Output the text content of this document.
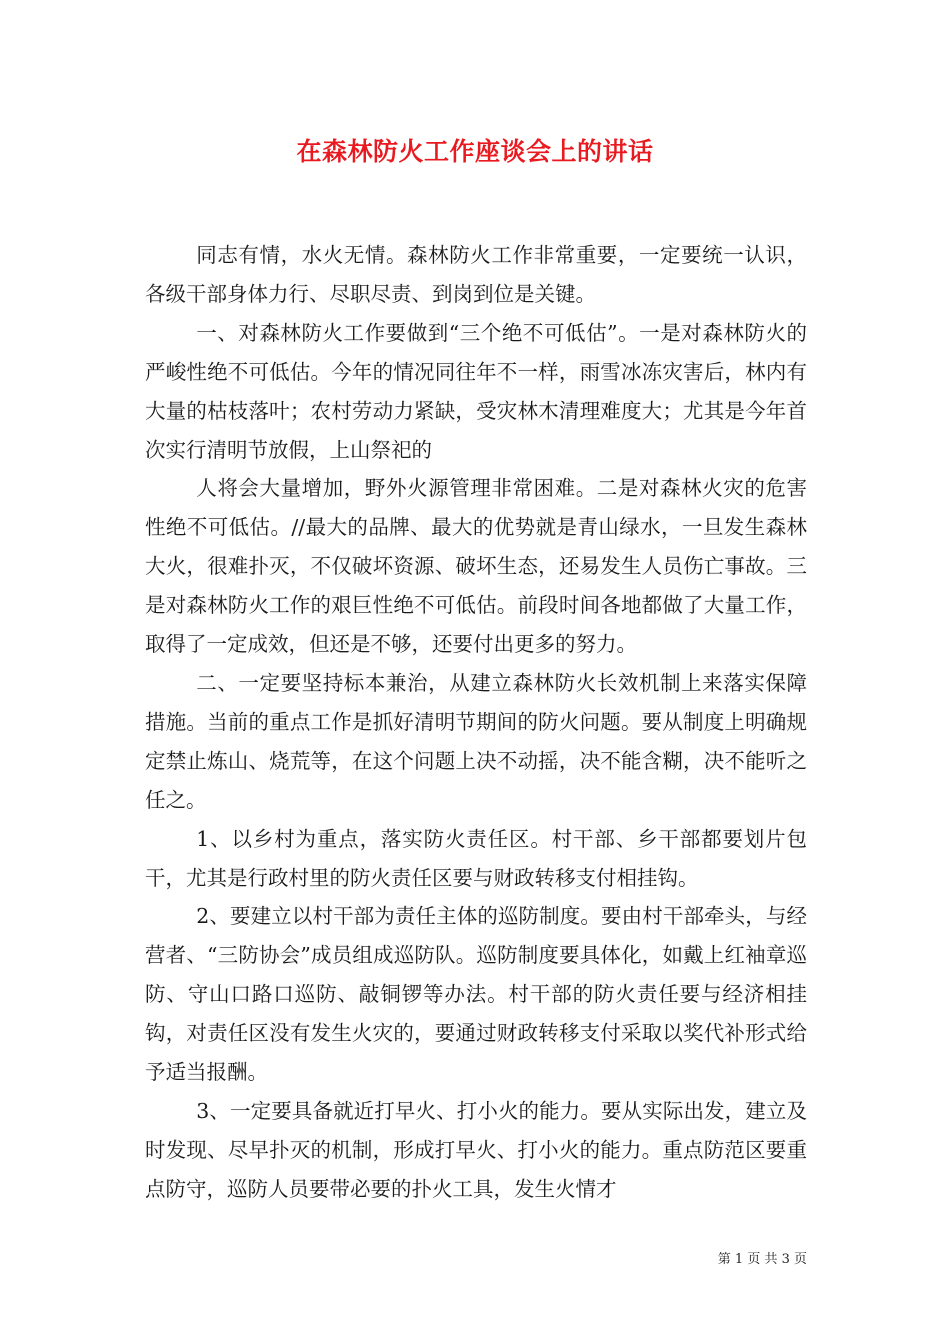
在森林防火工作座谈会上的讲话

同志有情，水火无情。森林防火工作非常重要，一定要统一认识，各级干部身体力行、尽职尽责、到岗到位是关键。

一、对森林防火工作要做到“三个绝不可低估”。一是对森林防火的严峻性绝不可低估。今年的情况同往年不一样，雨雪冰冻灾害后，林内有大量的枯枝落叶；农村劳动力紧缺，受灾林木清理难度大；尤其是今年首次实行清明节放假，上山祭祀的

人将会大量增加，野外火源管理非常困难。二是对森林火灾的危害性绝不可低估。//最大的品牌、最大的优势就是青山绿水，一旦发生森林大火，很难扑灭，不仅破坏资源、破坏生态，还易发生人员伤亡事故。三是对森林防火工作的艰巨性绝不可低估。前段时间各地都做了大量工作，取得了一定成效，但还是不够，还要付出更多的努力。

二、一定要坚持标本兼治，从建立森林防火长效机制上来落实保障措施。当前的重点工作是抓好清明节期间的防火问题。要从制度上明确规定禁止炼山、烧荒等，在这个问题上决不动摇，决不能含糊，决不能听之任之。

1、以乡村为重点，落实防火责任区。村干部、乡干部都要划片包干，尤其是行政村里的防火责任区要与财政转移支付相挂钩。

2、要建立以村干部为责任主体的巡防制度。要由村干部牵头，与经营者、“三防协会”成员组成巡防队。巡防制度要具体化，如戴上红袖章巡防、守山口路口巡防、敲铜锣等办法。村干部的防火责任要与经济相挂钩，对责任区没有发生火灾的，要通过财政转移支付采取以奖代补形式给予适当报酬。

3、一定要具备就近打早火、打小火的能力。要从实际出发，建立及时发现、尽早扑灭的机制，形成打早火、打小火的能力。重点防范区要重点防守，巡防人员要带必要的扑火工具，发生火情才

第 1 页 共 3 页
